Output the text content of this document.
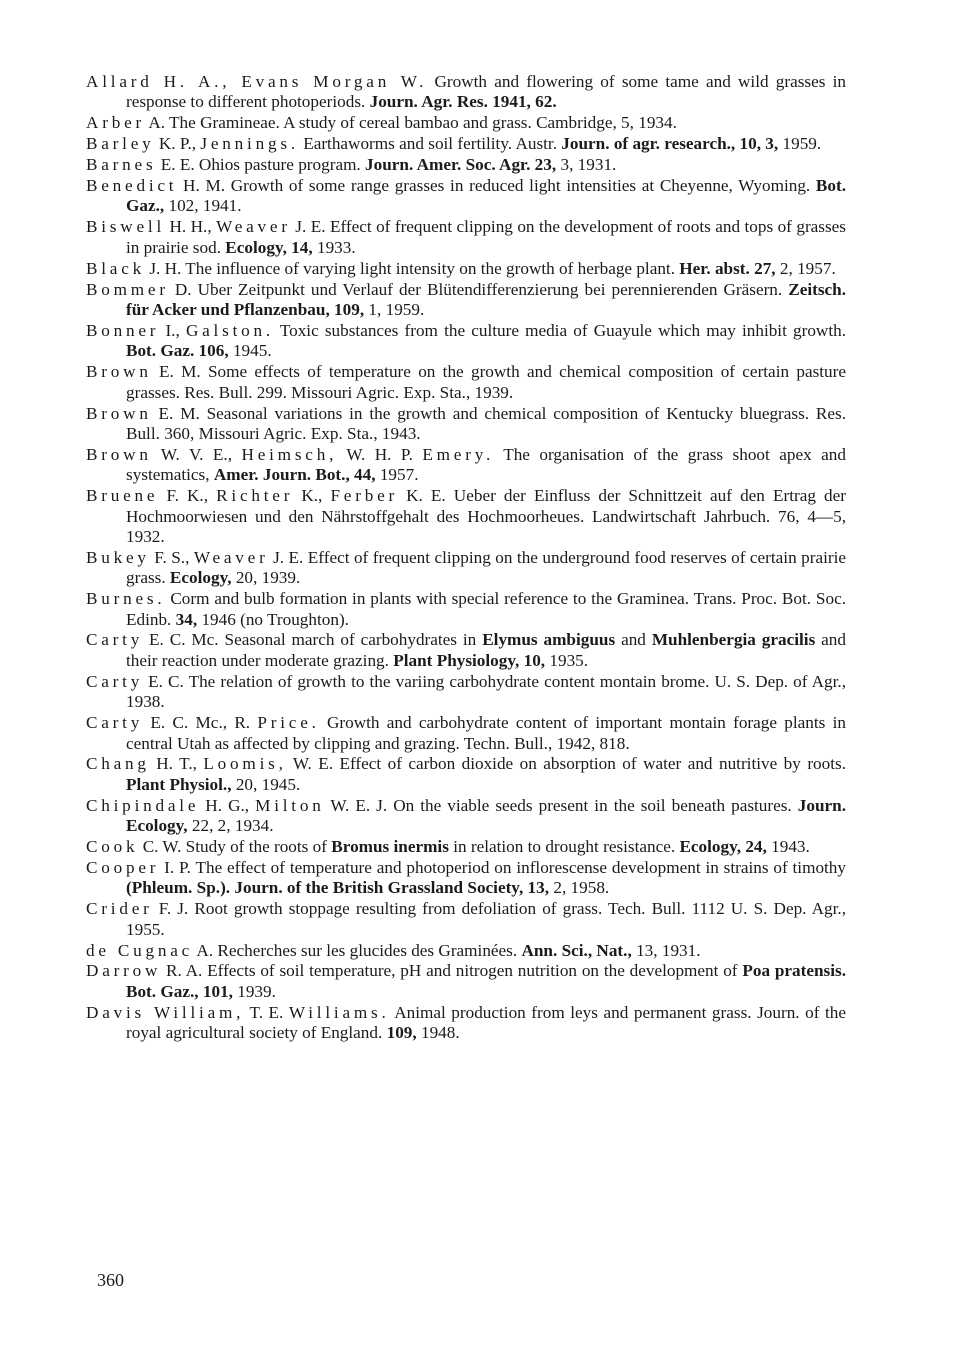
Allard H. A., Evans Morgan W. Growth and flowering of some tame and wild grasses in response to different photoperiods. Journ. Agr. Res. 1941, 62.

Arber A. The Gramineae. A study of cereal bambao and grass. Cambridge, 5, 1934.

Barley K. P., Jennings. Earthaworms and soil fertility. Austr. Journ. of agr. research., 10, 3, 1959.

Barnes E. E. Ohios pasture program. Journ. Amer. Soc. Agr. 23, 3, 1931.

Benedict H. M. Growth of some range grasses in reduced light intensities at Cheyenne, Wyoming. Bot. Gaz., 102, 1941.

Biswell H. H., Weaver J. E. Effect of frequent clipping on the development of roots and tops of grasses in prairie sod. Ecology, 14, 1933.

Black J. H. The influence of varying light intensity on the growth of herbage plant. Her. abst. 27, 2, 1957.

Bommer D. Uber Zeitpunkt und Verlauf der Blütendifferenzierung bei perennierenden Gräsern. Zeitsch. für Acker und Pflanzenbau, 109, 1, 1959.

Bonner I., Galston. Toxic substances from the culture media of Guayule which may inhibit growth. Bot. Gaz. 106, 1945.

Brown E. M. Some effects of temperature on the growth and chemical composition of certain pasture grasses. Res. Bull. 299. Missouri Agric. Exp. Sta., 1939.

Brown E. M. Seasonal variations in the growth and chemical composition of Kentucky bluegrass. Res. Bull. 360, Missouri Agric. Exp. Sta., 1943.

Brown W. V. E., Heimsch, W. H. P. Emery. The organisation of the grass shoot apex and systematics, Amer. Journ. Bot., 44, 1957.

Bruene F. K., Richter K., Ferber K. E. Ueber der Einfluss der Schnittzeit auf den Ertrag der Hochmoorwiesen und den Nährstoffgehalt des Hochmoorheues. Landwirtschaft Jahrbuch. 76, 4—5, 1932.

Bukey F. S., Weaver J. E. Effect of frequent clipping on the underground food reserves of certain prairie grass. Ecology, 20, 1939.

Burnes. Corm and bulb formation in plants with special reference to the Graminea. Trans. Proc. Bot. Soc. Edinb. 34, 1946 (no Troughton).

Carty E. C. Mc. Seasonal march of carbohydrates in Elymus ambiguus and Muhlenbergia gracilis and their reaction under moderate grazing. Plant Physiology, 10, 1935.

Carty E. C. The relation of growth to the variing carbohydrate content montain brome. U. S. Dep. of Agr., 1938.

Carty E. C. Mc., R. Price. Growth and carbohydrate content of important montain forage plants in central Utah as affected by clipping and grazing. Techn. Bull., 1942, 818.

Chang H. T., Loomis, W. E. Effect of carbon dioxide on absorption of water and nutritive by roots. Plant Physiol., 20, 1945.

Chipindale H. G., Milton W. E. J. On the viable seeds present in the soil beneath pastures. Journ. Ecology, 22, 2, 1934.

Cook C. W. Study of the roots of Bromus inermis in relation to drought resistance. Ecology, 24, 1943.

Cooper I. P. The effect of temperature and photoperiod on inflorescense development in strains of timothy (Phleum. Sp.). Journ. of the British Grassland Society, 13, 2, 1958.

Crider F. J. Root growth stoppage resulting from defoliation of grass. Tech. Bull. 1112 U. S. Dep. Agr., 1955.

de Cugnac A. Recherches sur les glucides des Graminées. Ann. Sci., Nat., 13, 1931.

Darrow R. A. Effects of soil temperature, pH and nitrogen nutrition on the development of Poa pratensis. Bot. Gaz., 101, 1939.

Davis William, T. E. Williams. Animal production from leys and permanent grass. Journ. of the royal agricultural society of England. 109, 1948.

360
